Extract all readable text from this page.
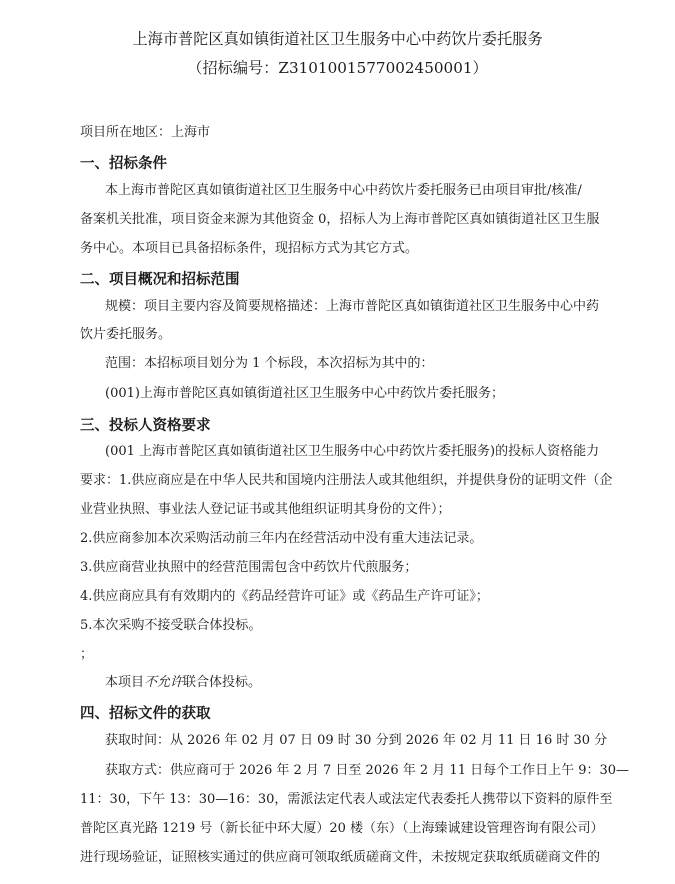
上海市普陀区真如镇街道社区卫生服务中心中药饮片委托服务
（招标编号：Z310100157700245000​1）
项目所在地区：上海市
一、招标条件
本上海市普陀区真如镇街道社区卫生服务中心中药饮片委托服务已由项目审批/核准/
备案机关批准，项目资金来源为其他资金 0，招标人为上海市普陀区真如镇街道社区卫生服
务中心。本项目已具备招标条件，现招标方式为其它方式。
二、项目概况和招标范围
规模：项目主要内容及简要规格描述：上海市普陀区真如镇街道社区卫生服务中心中药
饮片委托服务。
范围：本招标项目划分为 1 个标段，本次招标为其中的：
(001)上海市普陀区真如镇街道社区卫生服务中心中药饮片委托服务；
三、投标人资格要求
(001 上海市普陀区真如镇街道社区卫生服务中心中药饮片委托服务)的投标人资格能力
要求：1.供应商应是在中华人民共和国境内注册法人或其他组织，并提供身份的证明文件（企
业营业执照、事业法人登记证书或其他组织证明其身份的文件）；
2.供应商参加本次采购活动前三年内在经营活动中没有重大违法记录。
3.供应商营业执照中的经营范围需包含中药饮片代煎服务；
4.供应商应具有有效期内的《药品经营许可证》或《药品生产许可证》；
5.本次采购不接受联合体投标。
；
本项目不允许联合体投标。
四、招标文件的获取
获取时间：从 2026 年 02 月 07 日 09 时 30 分到 2026 年 02 月 11 日 16 时 30 分
获取方式：供应商可于 2026 年 2 月 7 日至 2026 年 2 月 11 日每个工作日上午 9：30—
11：30，下午 13：30—16：30，需派法定代表人或法定代表委托人携带以下资料的原件至
普陀区真光路 1219 号（新长征中环大厦）20 楼（东）（上海臻诚建设管理咨询有限公司）
进行现场验证，证照核实通过的供应商可领取纸质磋商文件，未按规定获取纸质磋商文件的
